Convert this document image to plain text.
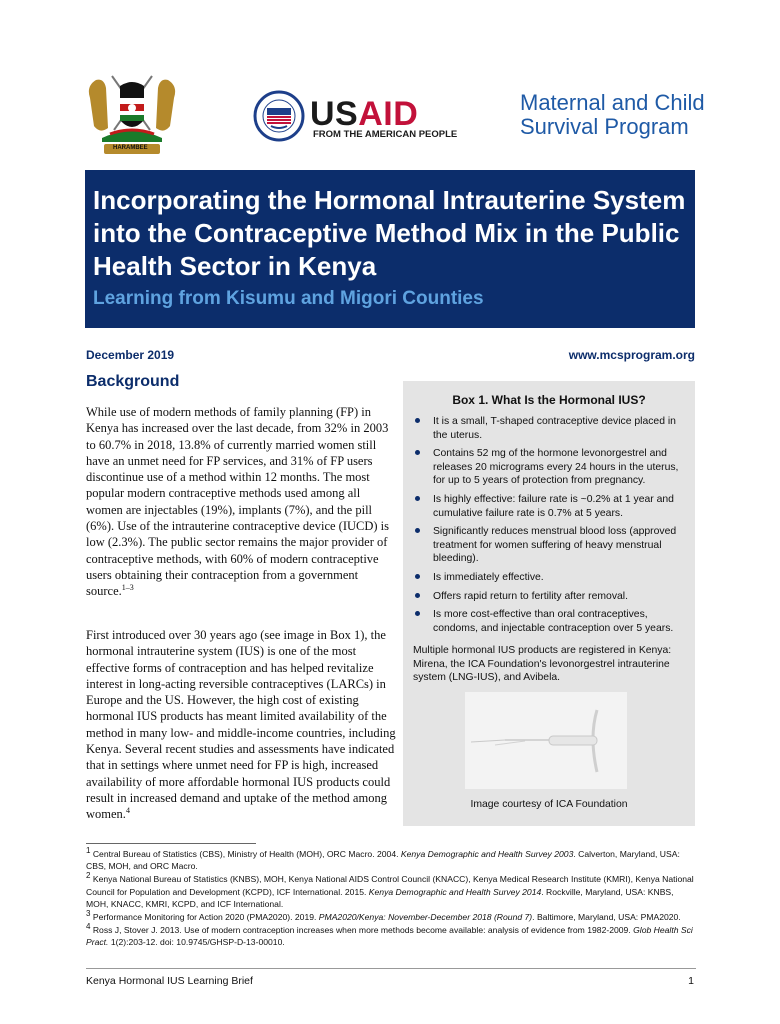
HARAMBEE
USAID
FROM THE AMERICAN PEOPLE
Maternal and Child
Survival Program
Incorporating the Hormonal Intrauterine System into the Contraceptive Method Mix in the Public Health Sector in Kenya
Learning from Kisumu and Migori Counties
December 2019	www.mcsprogram.org
Background
While use of modern methods of family planning (FP) in Kenya has increased over the last decade, from 32% in 2003 to 60.7% in 2018, 13.8% of currently married women still have an unmet need for FP services, and 31% of FP users discontinue use of a method within 12 months. The most popular modern contraceptive methods used among all women are injectables (19%), implants (7%), and the pill (6%). Use of the intrauterine contraceptive device (IUCD) is low (2.3%). The public sector remains the major provider of contraceptive methods, with 60% of modern contraceptive users obtaining their contraception from a government source.$^{1-3}$
First introduced over 30 years ago (see image in Box 1), the hormonal intrauterine system (IUS) is one of the most effective forms of contraception and has helped revitalize interest in long-acting reversible contraceptives (LARCs) in Europe and the US. However, the high cost of existing hormonal IUS products has meant limited availability of the method in many low- and middle-income countries, including Kenya. Several recent studies and assessments have indicated that in settings where unmet need for FP is high, increased availability of more affordable hormonal IUS products could result in increased demand and uptake of the method among women.$^4$
Box 1. What Is the Hormonal IUS?
It is a small, T-shaped contraceptive device placed in the uterus.
Contains 52 mg of the hormone levonorgestrel and releases 20 micrograms every 24 hours in the uterus, for up to 5 years of protection from pregnancy.
Is highly effective: failure rate is ~0.2% at 1 year and cumulative failure rate is 0.7% at 5 years.
Significantly reduces menstrual blood loss (approved treatment for women suffering of heavy menstrual bleeding).
Is immediately effective.
Offers rapid return to fertility after removal.
Is more cost-effective than oral contraceptives, condoms, and injectable contraception over 5 years.
Multiple hormonal IUS products are registered in Kenya: Mirena, the ICA Foundation's levonorgestrel intrauterine system (LNG-IUS), and Avibela.
Image courtesy of ICA Foundation

$^1$ Central Bureau of Statistics (CBS), Ministry of Health (MOH), ORC Macro. 2004. Kenya Demographic and Health Survey 2003. Calverton, Maryland, USA: CBS, MOH, and ORC Macro.

$^2$ Kenya National Bureau of Statistics (KNBS), MOH, Kenya National AIDS Control Council (KNACC), Kenya Medical Research Institute (KMRI), Kenya National Council for Population and Development (KCPD), ICF International. 2015. Kenya Demographic and Health Survey 2014. Rockville, Maryland, USA: KNBS, MOH, KNACC, KMRI, KCPD, and ICF International.

$^3$ Performance Monitoring for Action 2020 (PMA2020). 2019. PMA2020/Kenya: November-December 2018 (Round 7). Baltimore, Maryland, USA: PMA2020.

$^4$ Ross J, Stover J. 2013. Use of modern contraception increases when more methods become available: analysis of evidence from 1982-2009. Glob Health Sci Pract. 1(2):203-12. doi: 10.9745/GHSP-D-13-00010.

Kenya Hormonal IUS Learning Brief	1
